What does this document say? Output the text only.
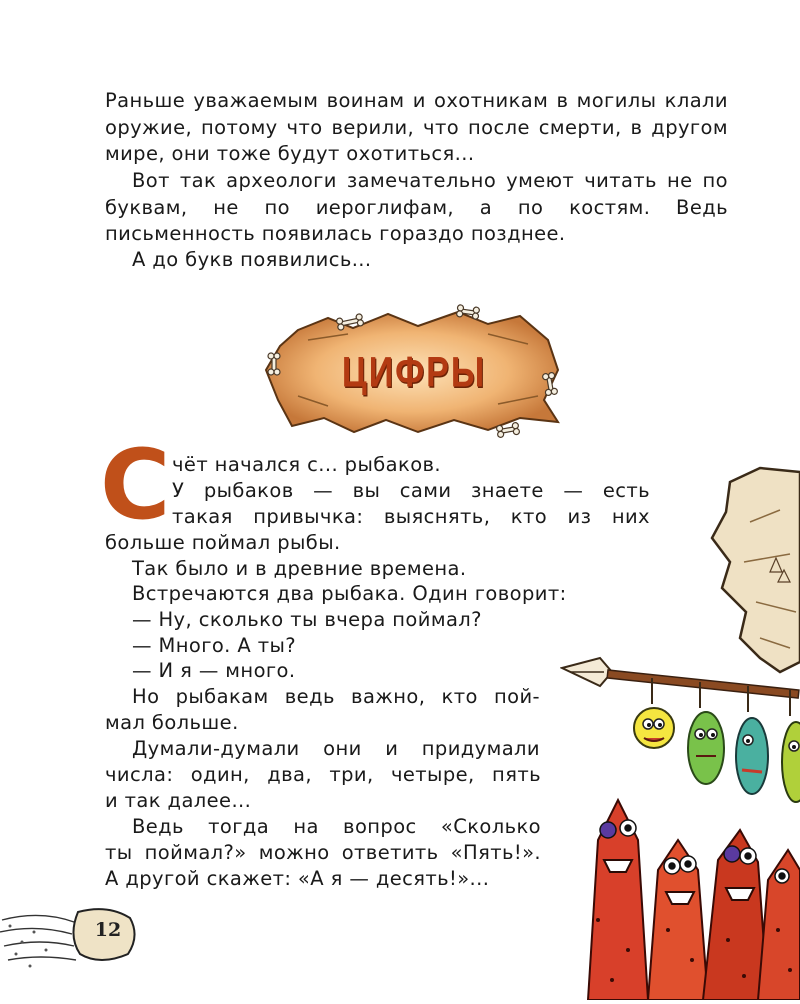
Раньше уважаемым воинам и охотникам в могилы клали оружие, потому что верили, что после смерти, в другом мире, они тоже будут охотиться...

Вот так археологи замечательно умеют читать не по буквам, не по иероглифам, а по костям. Ведь письменность появилась гораздо позднее.

А до букв появились...

ЦИФРЫ
С чёт начался с... рыбаков.
У рыбаков — вы сами знаете — есть
такая привычка: выяснять, кто из них
больше поймал рыбы.
Так было и в древние времена.
Встречаются два рыбака. Один говорит:
— Ну, сколько ты вчера поймал?
— Много. А ты?
— И я — много.
Но рыбакам ведь важно, кто пой-
мал больше.
Думали-думали они и придумали
числа: один, два, три, четыре, пять
и так далее...
Ведь тогда на вопрос «Сколько
ты поймал?» можно ответить «Пять!».
А другой скажет: «А я — десять!»...
12
